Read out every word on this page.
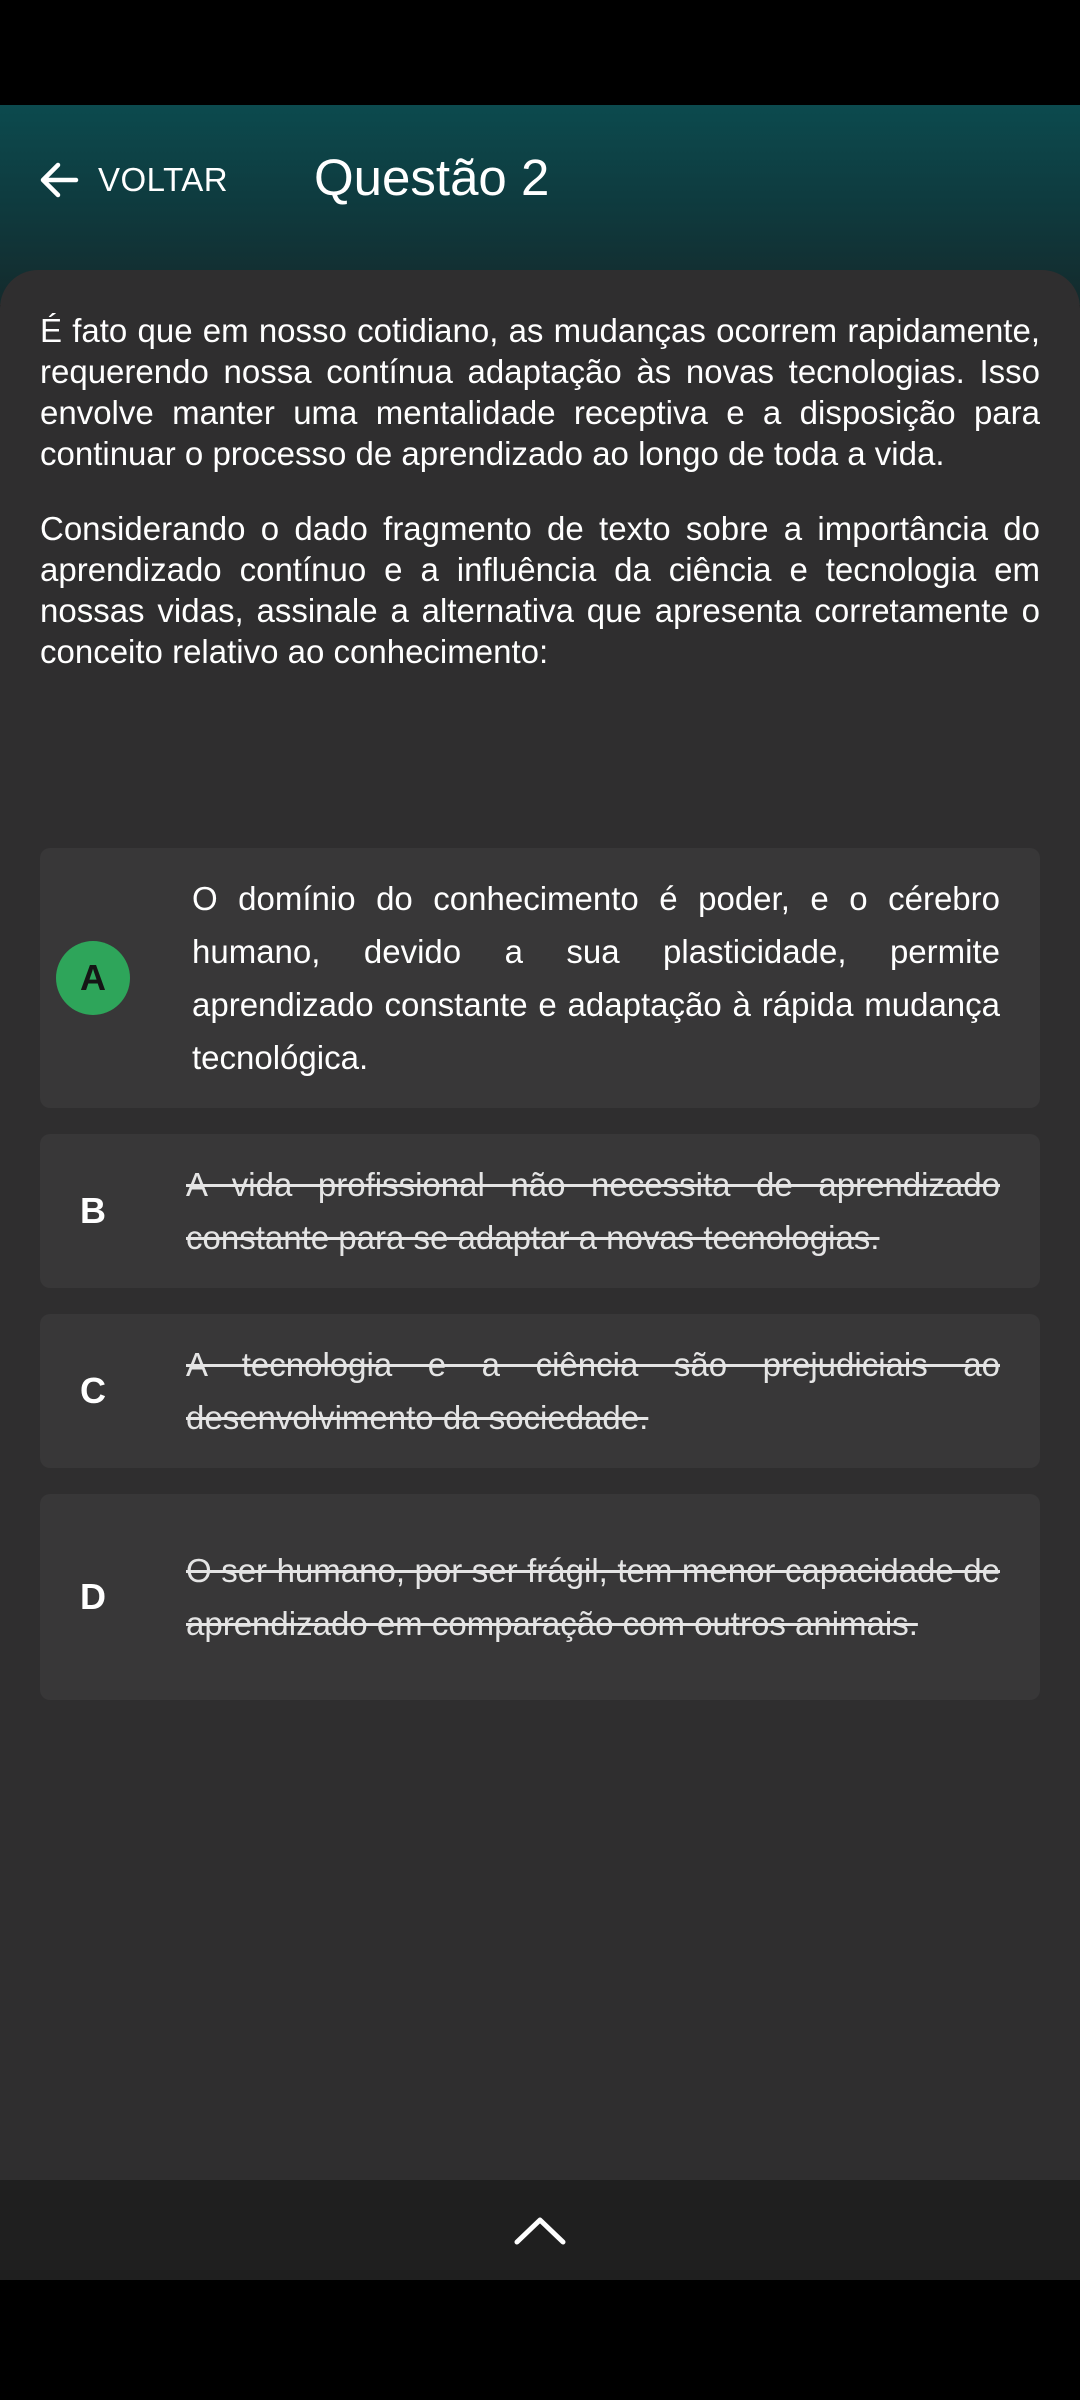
VOLTAR Questão 2

É fato que em nosso cotidiano, as mudanças ocorrem rapidamente, requerendo nossa contínua adaptação às novas tecnologias. Isso envolve manter uma mentalidade receptiva e a disposição para continuar o processo de aprendizado ao longo de toda a vida.

Considerando o dado fragmento de texto sobre a importância do aprendizado contínuo e a influência da ciência e tecnologia em nossas vidas, assinale a alternativa que apresenta corretamente o conceito relativo ao conhecimento:

A
O domínio do conhecimento é poder, e o cérebro humano, devido a sua plasticidade, permite aprendizado constante e adaptação à rápida mudança tecnológica.
B
A vida profissional não necessita de aprendizado constante para se adaptar a novas tecnologias.
C
A tecnologia e a ciência são prejudiciais ao desenvolvimento da sociedade.
D
O ser humano, por ser frágil, tem menor capacidade de aprendizado em comparação com outros animais.
